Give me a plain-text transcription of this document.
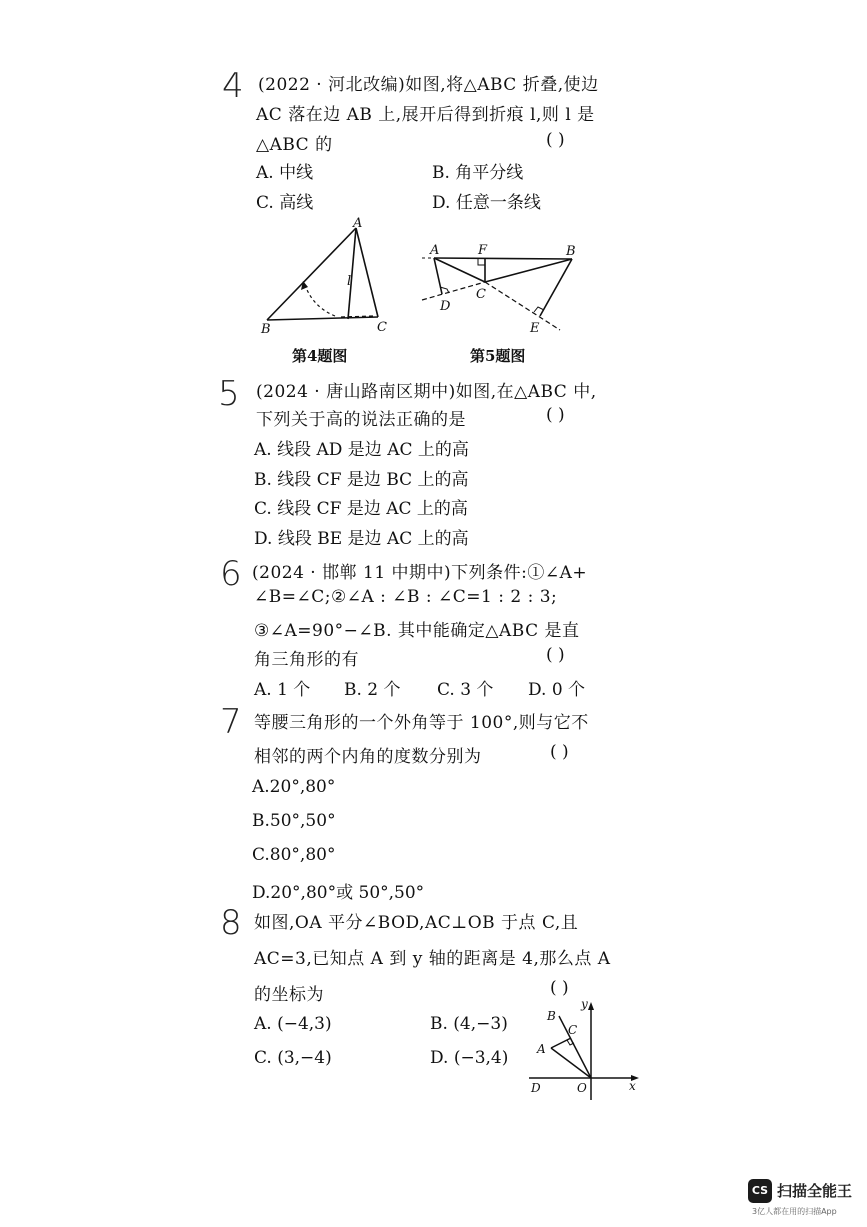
4 (2022 · 河北改编)如图,将△ABC 折叠,使边
AC 落在边 AB 上,展开后得到折痕 l,则 l 是
△ABC 的	( )
A. 中线	B. 角平分线
C. 高线	D. 任意一条线
A
B	C
l
A	F	B
C
D
E
第4题图	第5题图
5 (2024 · 唐山路南区期中)如图,在△ABC 中,
下列关于高的说法正确的是	( )
A. 线段 AD 是边 AC 上的高
B. 线段 CF 是边 BC 上的高
C. 线段 CF 是边 AC 上的高
D. 线段 BE 是边 AC 上的高
6 (2024 · 邯郸 11 中期中)下列条件:①∠A+
∠B=∠C;②∠A : ∠B : ∠C=1 : 2 : 3;
③∠A=90°−∠B. 其中能确定△ABC 是直
角三角形的有	( )
A. 1 个 B. 2 个 C. 3 个 D. 0 个
7 等腰三角形的一个外角等于 100°,则与它不
相邻的两个内角的度数分别为	( )
A.20°,80°
B.50°,50°
C.80°,80°
D.20°,80°或 50°,50°
8 如图,OA 平分∠BOD,AC⊥OB 于点 C,且
AC=3,已知点 A 到 y 轴的距离是 4,那么点 A
的坐标为	( )
A. (−4,3)	B. (4,−3)
C. (3,−4)	D. (−3,4)
y
x
B
C
A
D	O
CS 扫描全能王
3亿人都在用的扫描App
